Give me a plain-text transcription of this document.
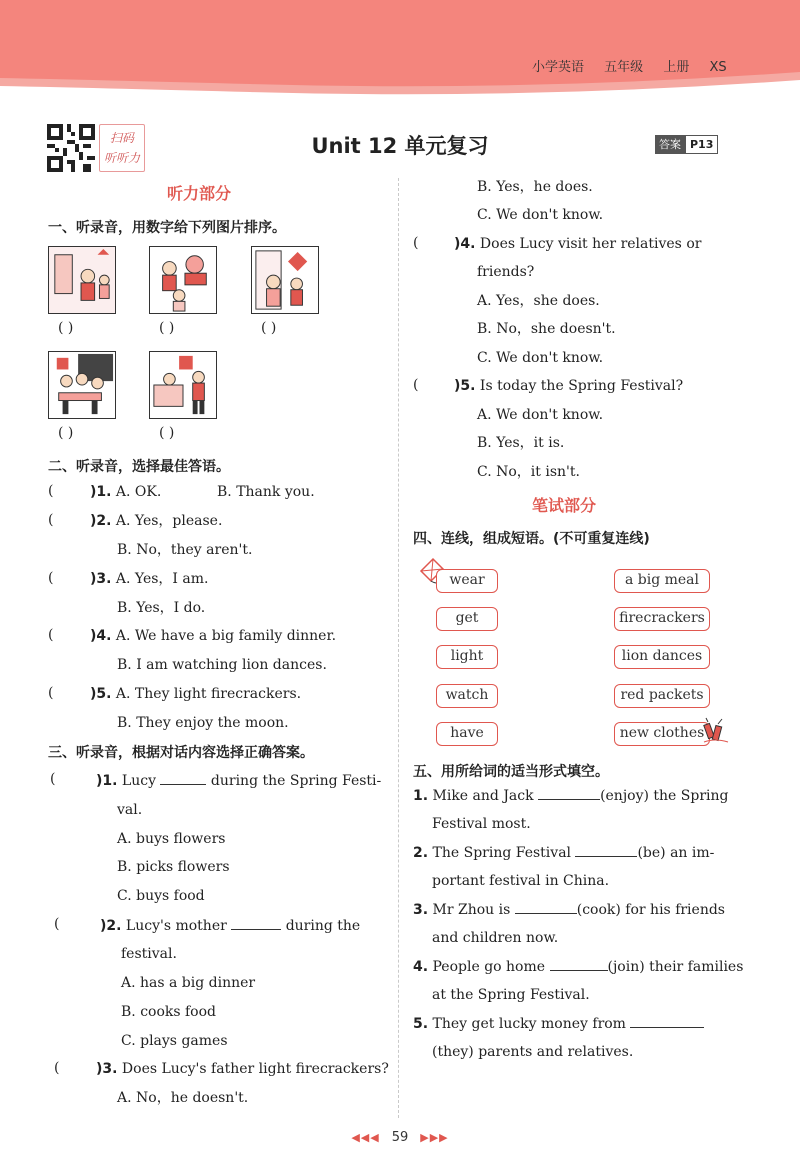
小学英语 五年级 上册 XS
扫码
听听力	Unit 12 单元复习	答案 P13
听力部分
一、听录音，用数字给下列图片排序。
( )	( )	( )
( )	( )
二、听录音，选择最佳答语。
(	)1. A. OK.	B. Thank you.
(	)2. A. Yes，please.
B. No，they aren't.
(	)3. A. Yes，I am.
B. Yes，I do.
(	)4. A. We have a big family dinner.
B. I am watching lion dances.
(	)5. A. They light firecrackers.
B. They enjoy the moon.
三、听录音，根据对话内容选择正确答案。
(	)1. Lucy	during the Spring Festi-
val.
A. buys flowers
B. picks flowers
C. buys food
(	)2. Lucy's mother	during the
festival.
A. has a big dinner
B. cooks food
C. plays games
(	)3. Does Lucy's father light firecrackers?
A. No，he doesn't.
B. Yes，he does.
C. We don't know.
(	)4. Does Lucy visit her relatives or
friends?
A. Yes，she does.
B. No，she doesn't.
C. We don't know.
(	)5. Is today the Spring Festival?
A. We don't know.
B. Yes，it is.
C. No，it isn't.
笔试部分
四、连线，组成短语。(不可重复连线)
wear
get
light
watch
have
a big meal
firecrackers
lion dances
red packets
new clothes
五、用所给词的适当形式填空。
1. Mike and Jack	(enjoy) the Spring
Festival most.
2. The Spring Festival	(be) an im-
portant festival in China.
3. Mr Zhou is	(cook) for his friends
and children now.
4. People go home	(join) their families
at the Spring Festival.
5. They get lucky money from
(they) parents and relatives.
◀◀◀ 59 ▶▶▶
